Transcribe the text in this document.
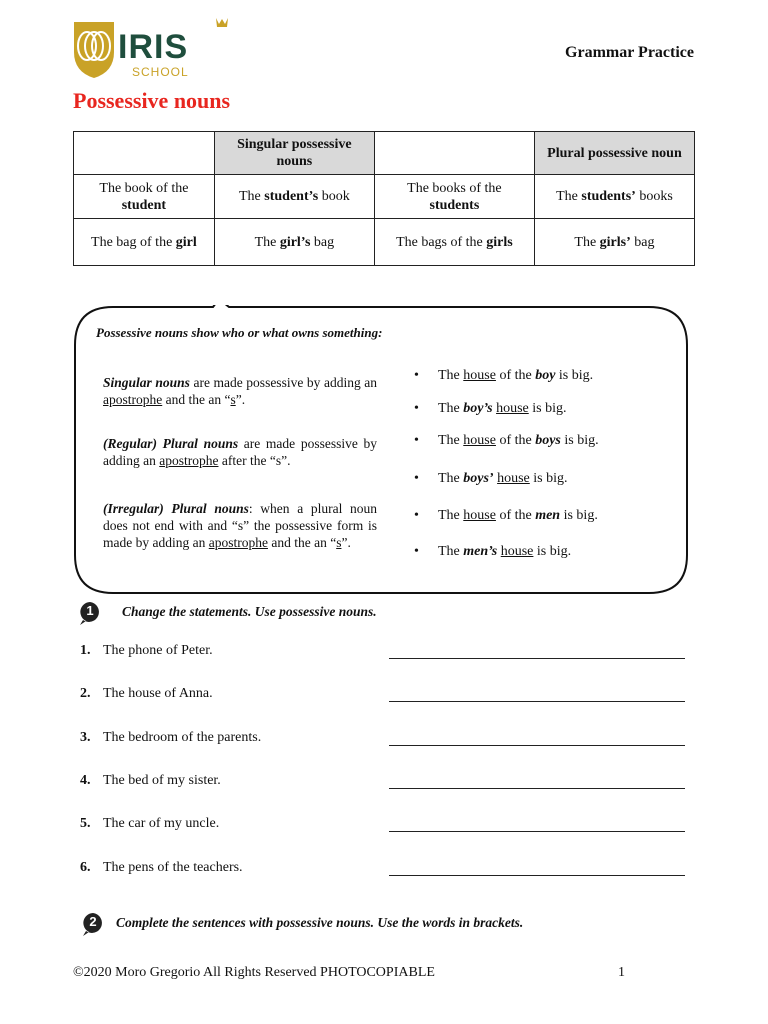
IRIS
SCHOOL
Grammar Practice
Possessive nouns
	Singular possessive nouns		Plural possessive noun
The book of the
student	The student’s book	The books of the
students	The students’ books
The bag of the girl	The girl’s bag	The bags of the girls	The girls’ bag
Possessive nouns show who or what owns something:
Singular nouns are made possessive by adding an apostrophe and the an “s”.
(Regular) Plural nouns are made possessive by adding an apostrophe after the “s”.
(Irregular) Plural nouns: when a plural noun does not end with and “s” the possessive form is made by adding an apostrophe and the an “s”.
• The house of the boy is big.
• The boy’s house is big.
• The house of the boys is big.
• The boys’ house is big.
• The house of the men is big.
• The men’s house is big.
1	Change the statements. Use possessive nouns.
1. The phone of Peter.
2. The house of Anna.
3. The bedroom of the parents.
4. The bed of my sister.
5. The car of my uncle.
6. The pens of the teachers.
2	Complete the sentences with possessive nouns. Use the words in brackets.
©2020 Moro Gregorio All Rights Reserved PHOTOCOPIABLE	1
